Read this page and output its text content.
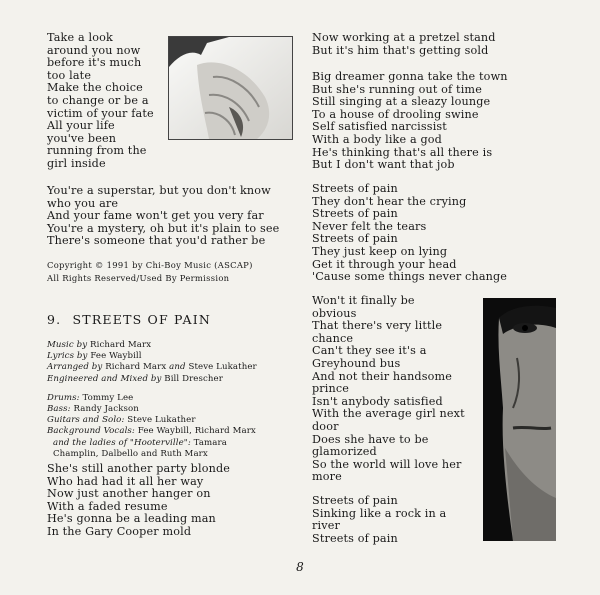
Take a look
around you now
before it's much
too late
Make the choice
to change or be a
victim of your fate
All your life
you've been
running from the
girl inside
You're a superstar, but you don't know
who you are
And your fame won't get you very far
You're a mystery, oh but it's plain to see
There's someone that you'd rather be
Copyright © 1991 by Chi-Boy Music (ASCAP)
All Rights Reserved/Used By Permission
9. STREETS OF PAIN
Music by Richard Marx
Lyrics by Fee Waybill
Arranged by Richard Marx and Steve Lukather
Engineered and Mixed by Bill Drescher
Drums: Tommy Lee
Bass: Randy Jackson
Guitars and Solo: Steve Lukather
Background Vocals: Fee Waybill, Richard Marx
and the ladies of "Hooterville": Tamara
Champlin, Dalbello and Ruth Marx
She's still another party blonde
Who had had it all her way
Now just another hanger on
With a faded resume
He's gonna be a leading man
In the Gary Cooper mold
Now working at a pretzel stand
But it's him that's getting sold
Big dreamer gonna take the town
But she's running out of time
Still singing at a sleazy lounge
To a house of drooling swine
Self satisfied narcissist
With a body like a god
He's thinking that's all there is
But I don't want that job
Streets of pain
They don't hear the crying
Streets of pain
Never felt the tears
Streets of pain
They just keep on lying
Get it through your head
'Cause some things never change
Won't it finally be
obvious
That there's very little
chance
Can't they see it's a
Greyhound bus
And not their handsome
prince
Isn't anybody satisfied
With the average girl next
door
Does she have to be
glamorized
So the world will love her
more
Streets of pain
Sinking like a rock in a
river
Streets of pain
8
